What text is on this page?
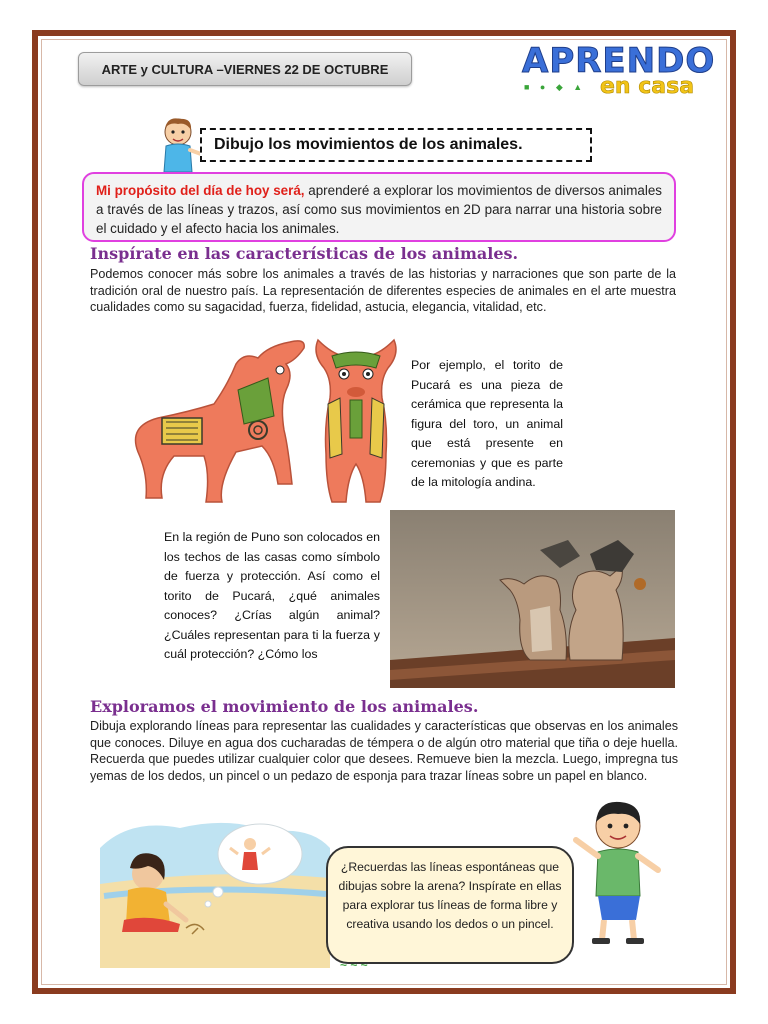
ARTE y CULTURA –VIERNES 22 DE OCTUBRE	APRENDO
■ ● ◆ ▲ en casa
Dibujo los movimientos de los animales.
Mi propósito del día de hoy será, aprenderé a explorar los movimientos de diversos animales a través de las líneas y trazos, así como sus movimientos en 2D para narrar una historia sobre el cuidado y el afecto hacia los animales.
Inspírate en las características de los animales.
Podemos conocer más sobre los animales a través de las historias y narraciones que son parte de la tradición oral de nuestro país. La representación de diferentes especies de animales en el arte muestra cualidades como su sagacidad, fuerza, fidelidad, astucia, elegancia, vitalidad, etc.
Por ejemplo, el torito de Pucará es una pieza de cerámica que representa la figura del toro, un animal que está presente en ceremonias y que es parte de la mitología andina.
En la región de Puno son colocados en los techos de las casas como símbolo de fuerza y protección. Así como el torito de Pucará, ¿qué animales conoces? ¿Crías algún animal? ¿Cuáles representan para ti la fuerza y cuál protección? ¿Cómo los
Exploramos el movimiento de los animales.
Dibuja explorando líneas para representar las cualidades y características que observas en los animales que conoces. Diluye en agua dos cucharadas de témpera o de algún otro material que tiña o deje huella. Recuerda que puedes utilizar cualquier color que desees. Remueve bien la mezcla. Luego, impregna tus yemas de los dedos, un pincel o un pedazo de esponja para trazar líneas sobre un papel en blanco.
¿Recuerdas las líneas espontáneas que dibujas sobre la arena? Inspírate en ellas para explorar tus líneas de forma libre y creativa usando los dedos o un pincel.
~ ~ ~
